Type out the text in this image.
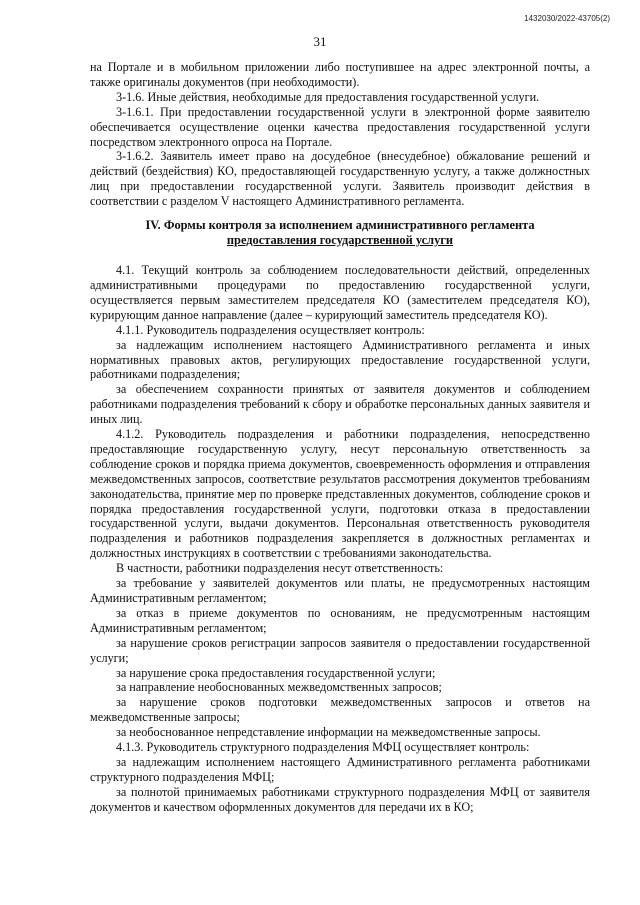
1432030/2022-43705(2)
31

на Портале и в мобильном приложении либо поступившее на адрес электронной почты, а также оригиналы документов (при необходимости).

3-1.6. Иные действия, необходимые для предоставления государственной услуги.

3-1.6.1. При предоставлении государственной услуги в электронной форме заявителю обеспечивается осуществление оценки качества предоставления государственной услуги посредством электронного опроса на Портале.

3-1.6.2. Заявитель имеет право на досудебное (внесудебное) обжалование решений и действий (бездействия) КО, предоставляющей государственную услугу, а также должностных лиц при предоставлении государственной услуги. Заявитель производит действия в соответствии с разделом V настоящего Административного регламента.

IV. Формы контроля за исполнением административного регламента
предоставления государственной услуги

4.1. Текущий контроль за соблюдением последовательности действий, определенных административными процедурами по предоставлению государственной услуги, осуществляется первым заместителем председателя КО (заместителем председателя КО), курирующим данное направление (далее – курирующий заместитель председателя КО).

4.1.1. Руководитель подразделения осуществляет контроль:

за надлежащим исполнением настоящего Административного регламента и иных нормативных правовых актов, регулирующих предоставление государственной услуги, работниками подразделения;

за обеспечением сохранности принятых от заявителя документов и соблюдением работниками подразделения требований к сбору и обработке персональных данных заявителя и иных лиц.

4.1.2. Руководитель подразделения и работники подразделения, непосредственно предоставляющие государственную услугу, несут персональную ответственность за соблюдение сроков и порядка приема документов, своевременность оформления и отправления межведомственных запросов, соответствие результатов рассмотрения документов требованиям законодательства, принятие мер по проверке представленных документов, соблюдение сроков и порядка предоставления государственной услуги, подготовки отказа в предоставлении государственной услуги, выдачи документов. Персональная ответственность руководителя подразделения и работников подразделения закрепляется в должностных регламентах и должностных инструкциях в соответствии с требованиями законодательства.

В частности, работники подразделения несут ответственность:

за требование у заявителей документов или платы, не предусмотренных настоящим Административным регламентом;

за отказ в приеме документов по основаниям, не предусмотренным настоящим Административным регламентом;

за нарушение сроков регистрации запросов заявителя о предоставлении государственной услуги;

за нарушение срока предоставления государственной услуги;

за направление необоснованных межведомственных запросов;

за нарушение сроков подготовки межведомственных запросов и ответов на межведомственные запросы;

за необоснованное непредставление информации на межведомственные запросы.

4.1.3. Руководитель структурного подразделения МФЦ осуществляет контроль:

за надлежащим исполнением настоящего Административного регламента работниками структурного подразделения МФЦ;

за полнотой принимаемых работниками структурного подразделения МФЦ от заявителя документов и качеством оформленных документов для передачи их в КО;
